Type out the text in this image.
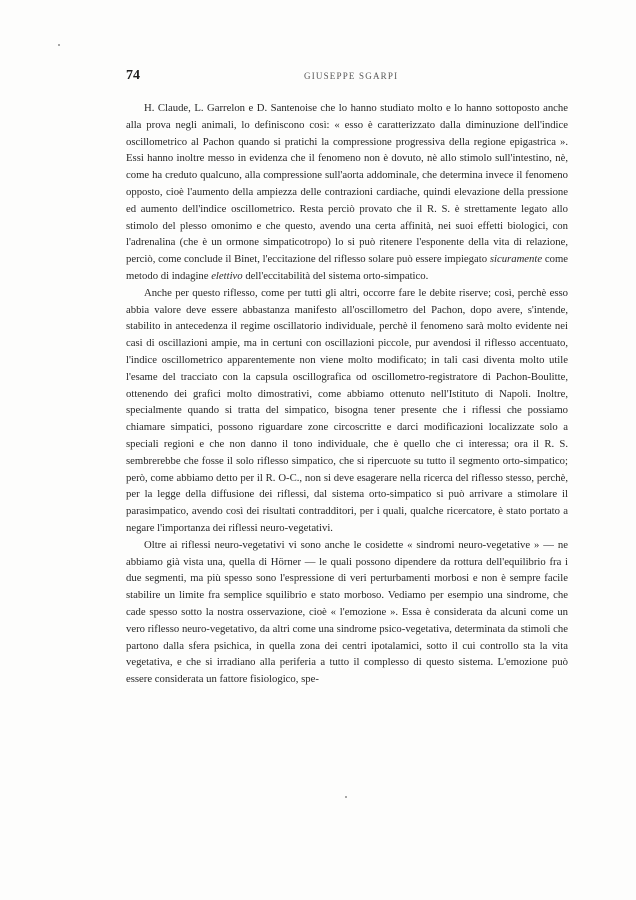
74	GIUSEPPE SGARPI

H. Claude, L. Garrelon e D. Santenoise che lo hanno studiato molto e lo hanno sottoposto anche alla prova negli animali, lo definiscono così: « esso è caratterizzato dalla diminuzione dell'indice oscillometrico al Pachon quando si pratichi la compressione progressiva della regione epigastrica ». Essi hanno inoltre messo in evidenza che il fenomeno non è dovuto, nè allo stimolo sull'intestino, nè, come ha creduto qualcuno, alla compressione sull'aorta addominale, che determina invece il fenomeno opposto, cioè l'aumento della ampiezza delle contrazioni cardiache, quindi elevazione della pressione ed aumento dell'indice oscillometrico. Resta perciò provato che il R. S. è strettamente legato allo stimolo del plesso omonimo e che questo, avendo una certa affinità, nei suoi effetti biologici, con l'adrenalina (che è un ormone simpaticotropo) lo si può ritenere l'esponente della vita di relazione, perciò, come conclude il Binet, l'eccitazione del riflesso solare può essere impiegato sicuramente come metodo di indagine elettivo dell'eccitabilità del sistema orto-simpatico.

Anche per questo riflesso, come per tutti gli altri, occorre fare le debite riserve; così, perchè esso abbia valore deve essere abbastanza manifesto all'oscillometro del Pachon, dopo avere, s'intende, stabilito in antecedenza il regime oscillatorio individuale, perchè il fenomeno sarà molto evidente nei casi di oscillazioni ampie, ma in certuni con oscillazioni piccole, pur avendosi il riflesso accentuato, l'indice oscillometrico apparentemente non viene molto modificato; in tali casi diventa molto utile l'esame del tracciato con la capsula oscillografica od oscillometro-registratore di Pachon-Boulitte, ottenendo dei grafici molto dimostrativi, come abbiamo ottenuto nell'Istituto di Napoli. Inoltre, specialmente quando si tratta del simpatico, bisogna tener presente che i riflessi che possiamo chiamare simpatici, possono riguardare zone circoscritte e darci modificazioni localizzate solo a speciali regioni e che non danno il tono individuale, che è quello che ci interessa; ora il R. S. sembrerebbe che fosse il solo riflesso simpatico, che si ripercuote su tutto il segmento orto-simpatico; però, come abbiamo detto per il R. O-C., non si deve esagerare nella ricerca del riflesso stesso, perchè, per la legge della diffusione dei riflessi, dal sistema orto-simpatico si può arrivare a stimolare il parasimpatico, avendo così dei risultati contradditori, per i quali, qualche ricercatore, è stato portato a negare l'importanza dei riflessi neuro-vegetativi.

Oltre ai riflessi neuro-vegetativi vi sono anche le cosidette « sindromi neuro-vegetative » — ne abbiamo già vista una, quella di Hörner — le quali possono dipendere da rottura dell'equilibrio fra i due segmenti, ma più spesso sono l'espressione di veri perturbamenti morbosi e non è sempre facile stabilire un limite fra semplice squilibrio e stato morboso. Vediamo per esempio una sindrome, che cade spesso sotto la nostra osservazione, cioè « l'emozione ». Essa è considerata da alcuni come un vero riflesso neuro-vegetativo, da altri come una sindrome psico-vegetativa, determinata da stimoli che partono dalla sfera psichica, in quella zona dei centri ipotalamici, sotto il cui controllo sta la vita vegetativa, e che si irradiano alla periferia a tutto il complesso di questo sistema. L'emozione può essere considerata un fattore fisiologico, spe-
